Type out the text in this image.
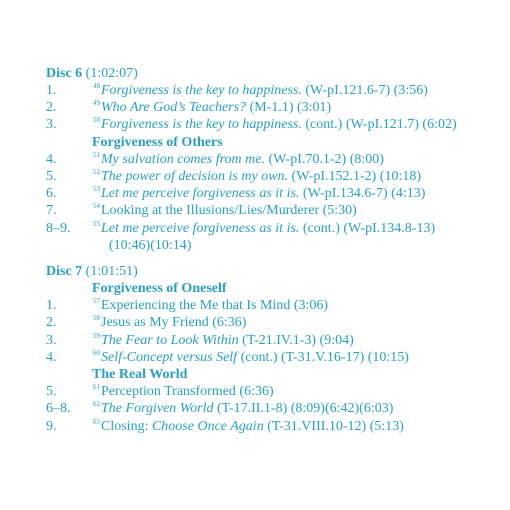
Disc 6 (1:02:07)
1.	$^{48}$Forgiveness is the key to happiness. (W-pI.121.6-7) (3:56)
2.	$^{49}$Who Are God’s Teachers? (M-1.1) (3:01)
3.	$^{50}$Forgiveness is the key to happiness. (cont.) (W-pI.121.7) (6:02)
Forgiveness of Others
4.	$^{51}$My salvation comes from me. (W-pI.70.1-2) (8:00)
5.	$^{52}$The power of decision is my own. (W-pI.152.1-2) (10:18)
6.	$^{53}$Let me perceive forgiveness as it is. (W-pI.134.6-7) (4:13)
7.	$^{54}$Looking at the Illusions/Lies/Murderer (5:30)
8–9.	$^{55}$Let me perceive forgiveness as it is. (cont.) (W-pI.134.8-13)
(10:46)(10:14)
Disc 7 (1:01:51)
Forgiveness of Oneself
1.	$^{57}$Experiencing the Me that Is Mind (3:06)
2.	$^{58}$Jesus as My Friend (6:36)
3.	$^{59}$The Fear to Look Within (T-21.IV.1-3) (9:04)
4.	$^{60}$Self-Concept versus Self (cont.) (T-31.V.16-17) (10:15)
The Real World
5.	$^{61}$Perception Transformed (6:36)
6–8.	$^{62}$The Forgiven World (T-17.II.1-8) (8:09)(6:42)(6:03)
9.	$^{63}$Closing: Choose Once Again (T-31.VIII.10-12) (5:13)
